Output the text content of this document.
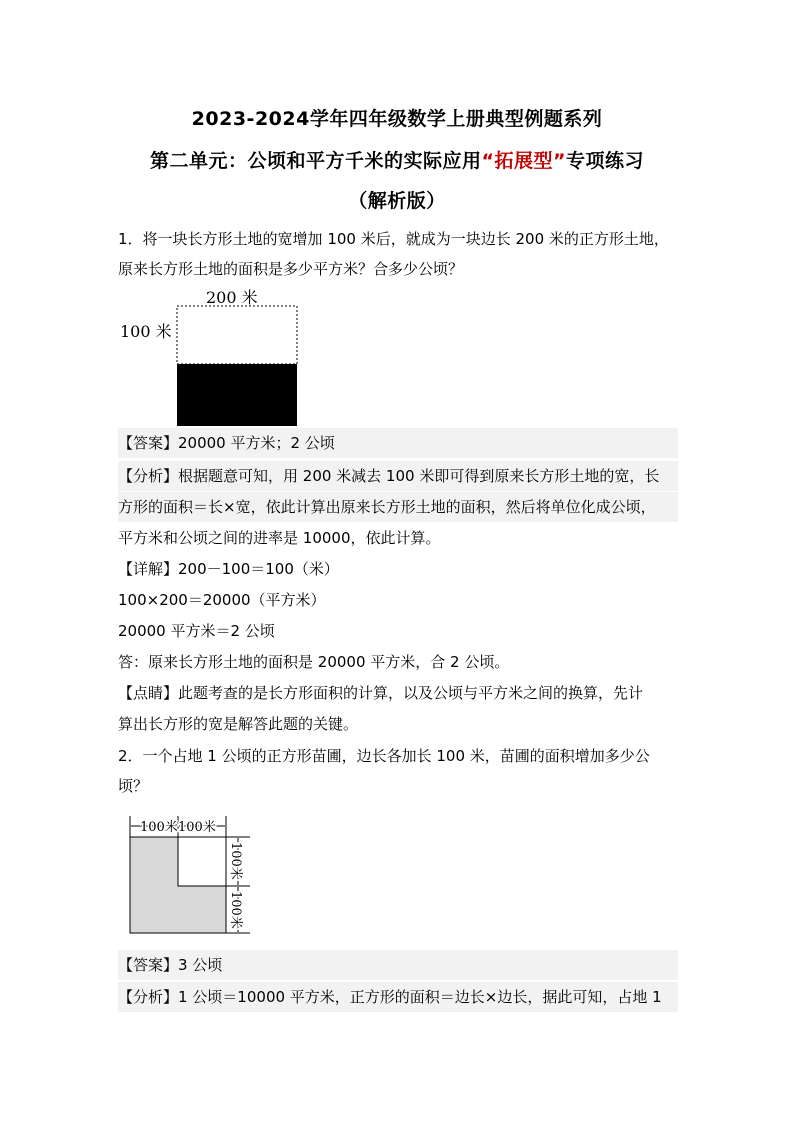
2023-2024学年四年级数学上册典型例题系列
第二单元：公顷和平方千米的实际应用“拓展型”专项练习
（解析版）
1．将一块长方形土地的宽增加 100 米后，就成为一块边长 200 米的正方形土地，
原来长方形土地的面积是多少平方米？合多少公顷？
200 米
100 米
【答案】20000 平方米；2 公顷
【分析】根据题意可知，用 200 米减去 100 米即可得到原来长方形土地的宽，长
方形的面积＝长×宽，依此计算出原来长方形土地的面积，然后将单位化成公顷，
平方米和公顷之间的进率是 10000，依此计算。
【详解】200－100＝100（米）
100×200＝20000（平方米）
20000 平方米＝2 公顷
答：原来长方形土地的面积是 20000 平方米，合 2 公顷。
【点睛】此题考查的是长方形面积的计算，以及公顷与平方米之间的换算，先计
算出长方形的宽是解答此题的关键。
2．一个占地 1 公顷的正方形苗圃，边长各加长 100 米，苗圃的面积增加多少公
顷？
100米 100米
100米
100米
【答案】3 公顷
【分析】1 公顷＝10000 平方米，正方形的面积＝边长×边长，据此可知，占地 1
